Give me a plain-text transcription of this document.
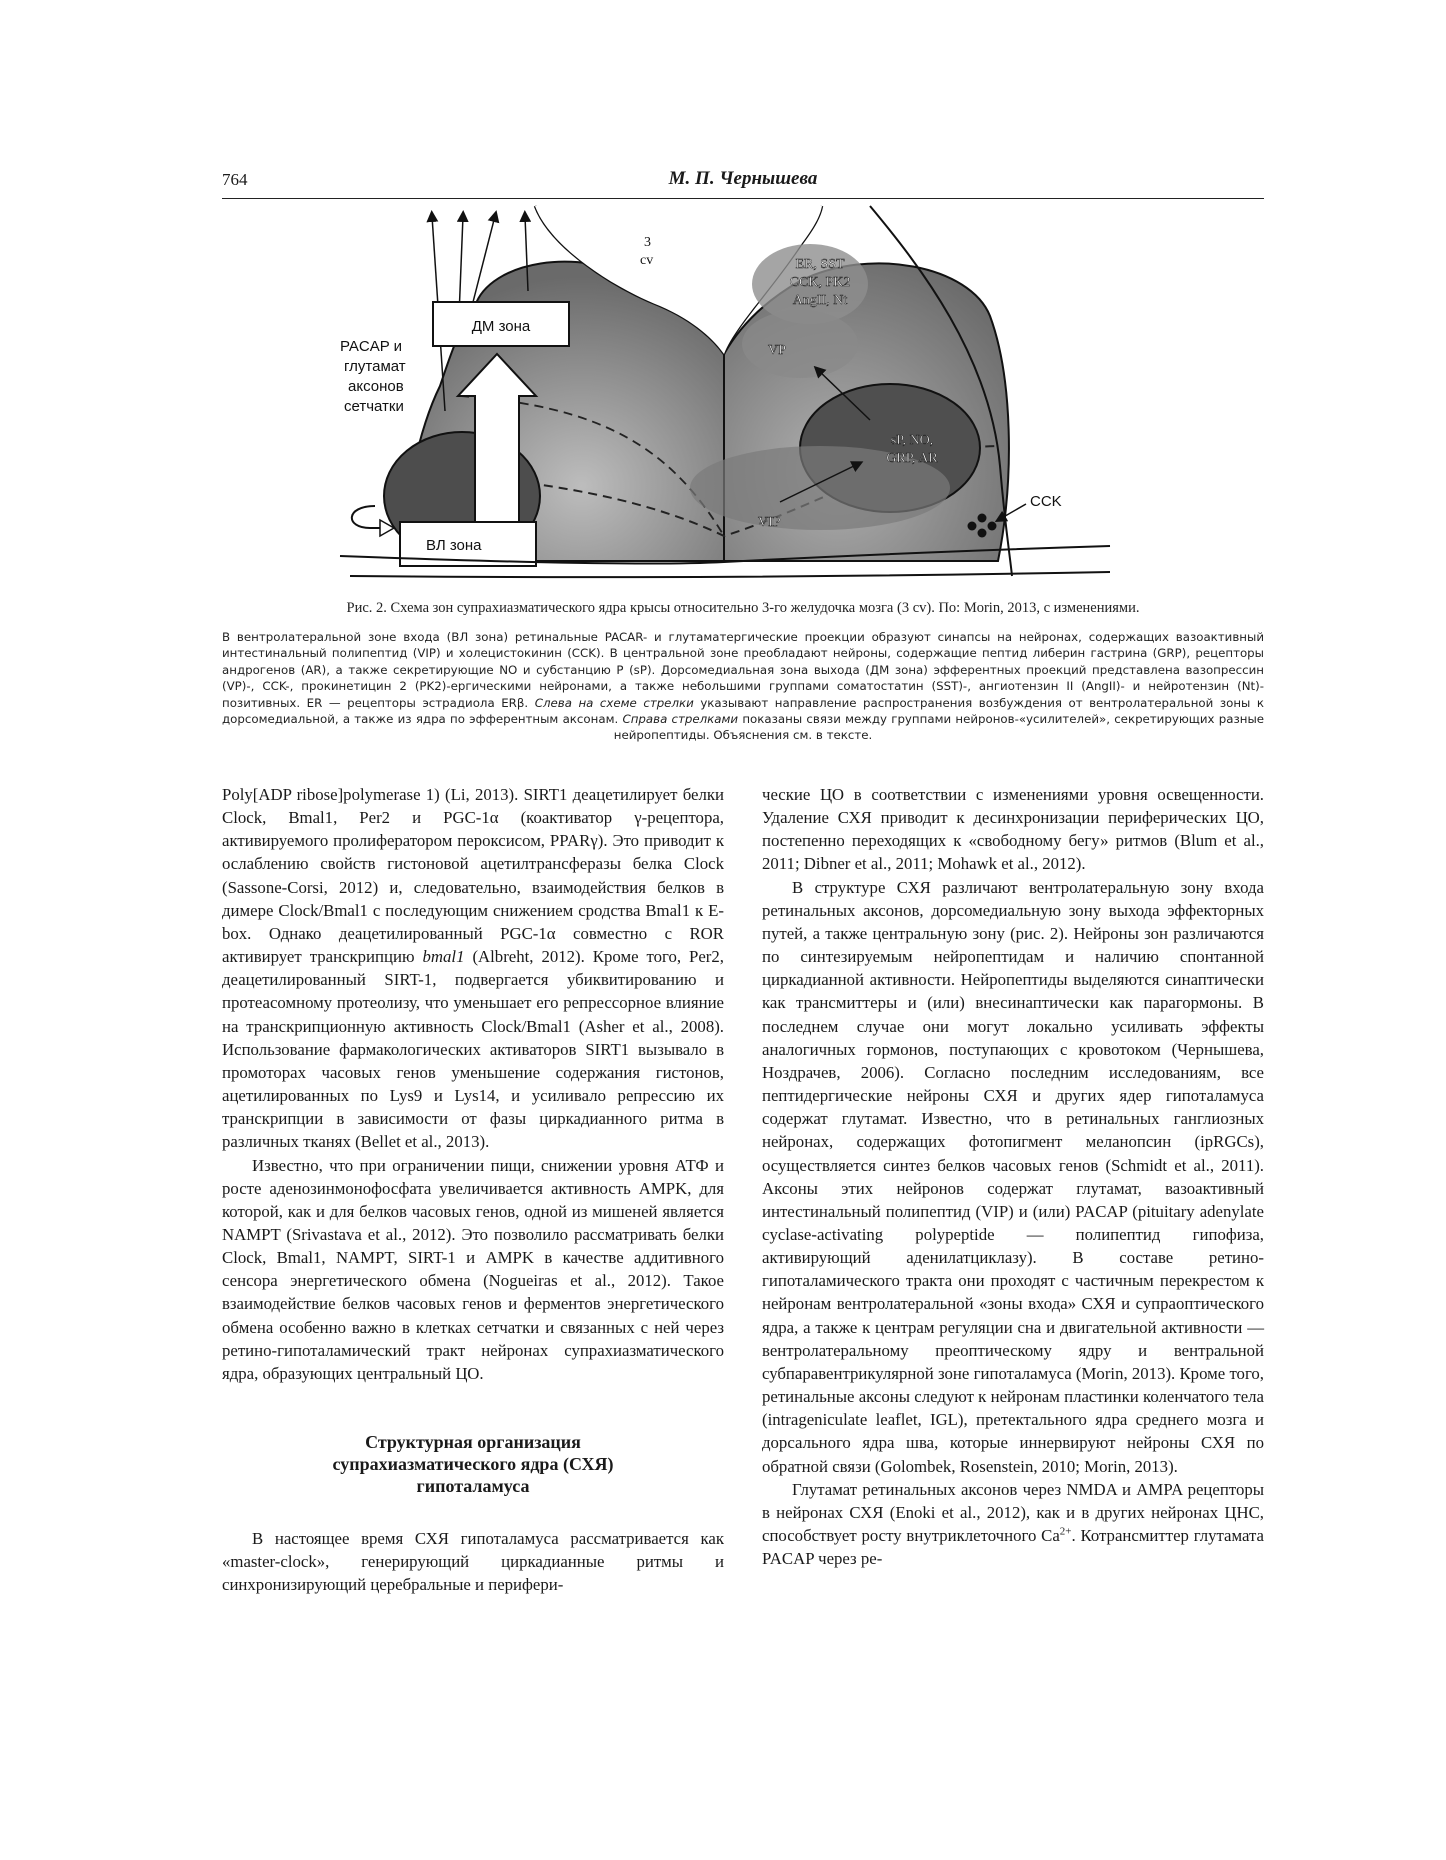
764	М. П. Чернышева
ДМ зона
ВЛ зона
3
cv
PACAP и
глутамат
аксонов
сетчатки
ER, SST
CCK, PK2
AngII, Nt
VP
sP, NO,
GRP, AR
VIP
CCK
Рис. 2. Схема зон супрахиазматического ядра крысы относительно 3-го желудочка мозга (3 cv). По: Morin, 2013, с изменениями.
В вентролатеральной зоне входа (ВЛ зона) ретинальные PACAR- и глутаматергические проекции образуют синапсы на нейронах, содержащих вазоактивный интестинальный полипептид (VIP) и холецистокинин (CCK). В центральной зоне преобладают нейроны, содержащие пептид либерин гастрина (GRP), рецепторы андрогенов (AR), а также секретирующие NO и субстанцию P (sP). Дорсомедиальная зона выхода (ДМ зона) эфферентных проекций представлена вазопрессин (VP)-, CCK-, прокинетицин 2 (PK2)-ергическими нейронами, а также небольшими группами соматостатин (SST)-, ангиотензин II (AngII)- и нейротензин (Nt)-позитивных. ER — рецепторы эстрадиола ERβ. Слева на схеме стрелки указывают направление распространения возбуждения от вентролатеральной зоны к дорсомедиальной, а также из ядра по эфферентным аксонам. Справа стрелками показаны связи между группами нейронов-«усилителей», секретирующих разные нейропептиды. Объяснения см. в тексте.

Poly[ADP ribose]polymerase 1) (Li, 2013). SIRT1 деацетилирует белки Clock, Bmal1, Per2 и PGC-1α (коактиватор γ-рецептора, активируемого пролифератором пероксисом, PPARγ). Это приводит к ослаблению свойств гистоновой ацетилтрансферазы белка Clock (Sassone-Corsi, 2012) и, следовательно, взаимодействия белков в димере Clock/Bmal1 с последующим снижением сродства Bmal1 к E-box. Однако деацетилированный PGC-1α совместно с ROR активирует транскрипцию bmal1 (Albreht, 2012). Кроме того, Per2, деацетилированный SIRT-1, подвергается убиквитированию и протеасомному протеолизу, что уменьшает его репрессорное влияние на транскрипционную активность Clock/Bmal1 (Asher et al., 2008). Использование фармакологических активаторов SIRT1 вызывало в промоторах часовых генов уменьшение содержания гистонов, ацетилированных по Lys9 и Lys14, и усиливало репрессию их транскрипции в зависимости от фазы циркадианного ритма в различных тканях (Bellet et al., 2013).

Известно, что при ограничении пищи, снижении уровня АТФ и росте аденозинмонофосфата увеличивается активность AMPK, для которой, как и для белков часовых генов, одной из мишеней является NAMPT (Srivastava et al., 2012). Это позволило рассматривать белки Clock, Bmal1, NAMPT, SIRT-1 и AMPK в качестве аддитивного сенсора энергетического обмена (Nogueiras et al., 2012). Такое взаимодействие белков часовых генов и ферментов энергетического обмена особенно важно в клетках сетчатки и связанных с ней через ретино-гипоталамический тракт нейронах супрахиазматического ядра, образующих центральный ЦО.

Структурная организация
супрахиазматического ядра (СХЯ)
гипоталамуса

В настоящее время СХЯ гипоталамуса рассматривается как «master-clock», генерирующий циркадианные ритмы и синхронизирующий церебральные и перифери-

ческие ЦО в соответствии с изменениями уровня освещенности. Удаление СХЯ приводит к десинхронизации периферических ЦО, постепенно переходящих к «свободному бегу» ритмов (Blum et al., 2011; Dibner et al., 2011; Mohawk et al., 2012).

В структуре СХЯ различают вентролатеральную зону входа ретинальных аксонов, дорсомедиальную зону выхода эффекторных путей, а также центральную зону (рис. 2). Нейроны зон различаются по синтезируемым нейропептидам и наличию спонтанной циркадианной активности. Нейропептиды выделяются синаптически как трансмиттеры и (или) внесинаптически как парагормоны. В последнем случае они могут локально усиливать эффекты аналогичных гормонов, поступающих с кровотоком (Чернышева, Ноздрачев, 2006). Согласно последним исследованиям, все пептидергические нейроны СХЯ и других ядер гипоталамуса содержат глутамат. Известно, что в ретинальных ганглиозных нейронах, содержащих фотопигмент меланопсин (ipRGCs), осуществляется синтез белков часовых генов (Schmidt et al., 2011). Аксоны этих нейронов содержат глутамат, вазоактивный интестинальный полипептид (VIP) и (или) PACAP (pituitary adenylate cyclase-activating polypeptide — полипептид гипофиза, активирующий аденилатциклазу). В составе ретино-гипоталамического тракта они проходят с частичным перекрестом к нейронам вентролатеральной «зоны входа» СХЯ и супраоптического ядра, а также к центрам регуляции сна и двигательной активности — вентролатеральному преоптическому ядру и вентральной субпаравентрикулярной зоне гипоталамуса (Morin, 2013). Кроме того, ретинальные аксоны следуют к нейронам пластинки коленчатого тела (intrageniculate leaflet, IGL), претектального ядра среднего мозга и дорсального ядра шва, которые иннервируют нейроны СХЯ по обратной связи (Golombek, Rosenstein, 2010; Morin, 2013).

Глутамат ретинальных аксонов через NMDA и AMPA рецепторы в нейронах СХЯ (Enoki et al., 2012), как и в других нейронах ЦНС, способствует росту внутриклеточного $Ca^{2+}$. Котрансмиттер глутамата PACAP через ре-
